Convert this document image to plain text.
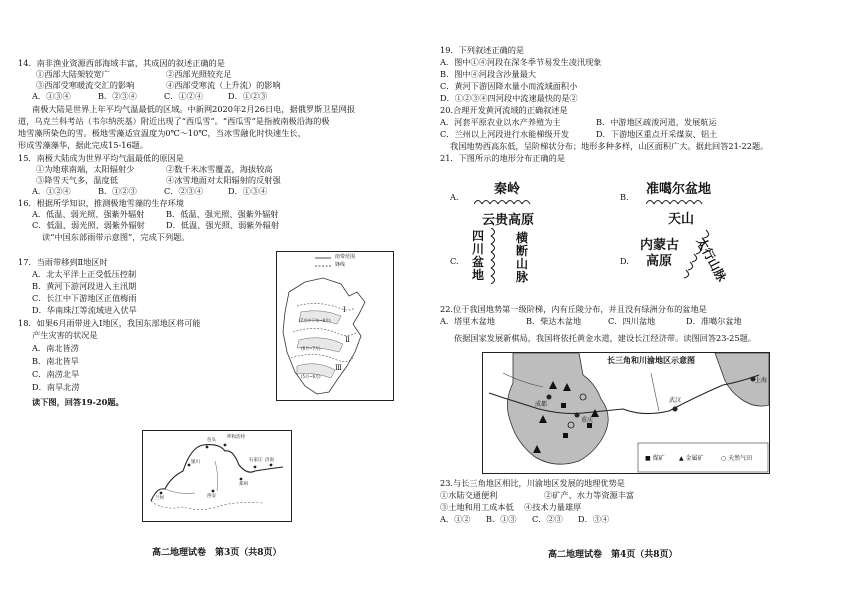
14．南非渔业资源西部海域丰富，其成因的叙述正确的是
①西部大陆架较宽广	②西部光照较充足
③西部受寒暖流交汇的影响	④西部受寒流（上升流）的影响
A．①③④	B．②③④	C．①②④	D．①②③
南极大陆是世界上年平均气温最低的区域。中新网2020年2月26日电，据俄罗斯卫星网报
道，乌克兰科考站（韦尔纳茨基）附近出现了“西瓜雪”。“西瓜雪”是指被南极沿海的极
地雪藻所染色的雪。极地雪藻适宜温度为0℃～10℃，当冰雪融化时快速生长，
形成雪藻藻华，据此完成15-16题。
15．南极大陆成为世界平均气温最低的原因是
①为地球南端，太阳辐射少	②数千米冰雪覆盖，海拔较高
③降雪天气多，温度低	④冰雪地面对太阳辐射的反射强
A．①②④	B．①②③	C．②③④	D．①③④
16．根据所学知识，推测极地雪藻的生存环境
A．低温、弱光照、强紫外辐射	B．低温、强光照、强紫外辐射
C．低温、弱光照、弱紫外辐射	D．低温、强光照、弱紫外辐射
读“中国东部雨带示意图”，完成下列题。
17．当雨带移到Ⅱ地区时
A．北太平洋上正受低压控制
B．黄河下游河段进入主汛期
C．长江中下游地区正值梅雨
D．华南珠江等流域进入伏旱
18．如果6月雨带进入Ⅰ地区，我国东部地区将可能
产生灾害的状况是
A．南北皆涝
B．南北皆旱
C．南涝北旱
D．南旱北涝
读下图，回答19-20题。
雨带范围
锋线
Ⅰ
Ⅱ
Ⅲ
(7月中下旬~8月)
(6月~7月)
(5月~6月)
呼和浩特
包头
银川
兰州
石家庄
郑州
济南
西安
高二地理试卷　第3页（共8页）
19．下列叙述正确的是
A．图中①④河段在深冬季节易发生凌汛现象
B．图中④河段含沙量最大
C．黄河下游因降水量小而流域面积小
D．①②③④四河段中流速最快的是②
20.合理开发黄河流域的正确叙述是
A．河套平原农业以水产养殖为主	B．中游地区疏浚河道，发展航运
C．兰州以上河段进行水能梯级开发	D．下游地区重点开采煤炭、铝土
我国地势西高东低，呈阶梯状分布；地形多种多样，山区面积广大。据此回答21-22题。
21．下图所示的地形分布正确的是
A.	秦岭
云贵高原
B. 准噶尔盆地
天山
C.
四川盆地
横断山脉
D.
内蒙古
高原 太行山脉
22.位于我国地势第一级阶梯，内有丘陵分布，并且没有绿洲分布的盆地是
A．塔里木盆地	B．柴达木盆地	C．四川盆地	D．准噶尔盆地
依据国家发展新棋局，我国将依托黄金水道，建设长江经济带。读图回答23-25题。
长三角和川渝地区示意图
成都
重庆
武汉
上海
■ 煤矿 ▲ 金属矿	○ 天然气田
23.与长三角地区相比，川渝地区发展的地理优势是
①水陆交通便利	②矿产、水力等资源丰富
③土地和用工成本低 ④技术力量雄厚
A．①② B．①③ C．②③ D．③④
高二地理试卷　第4页（共8页）
